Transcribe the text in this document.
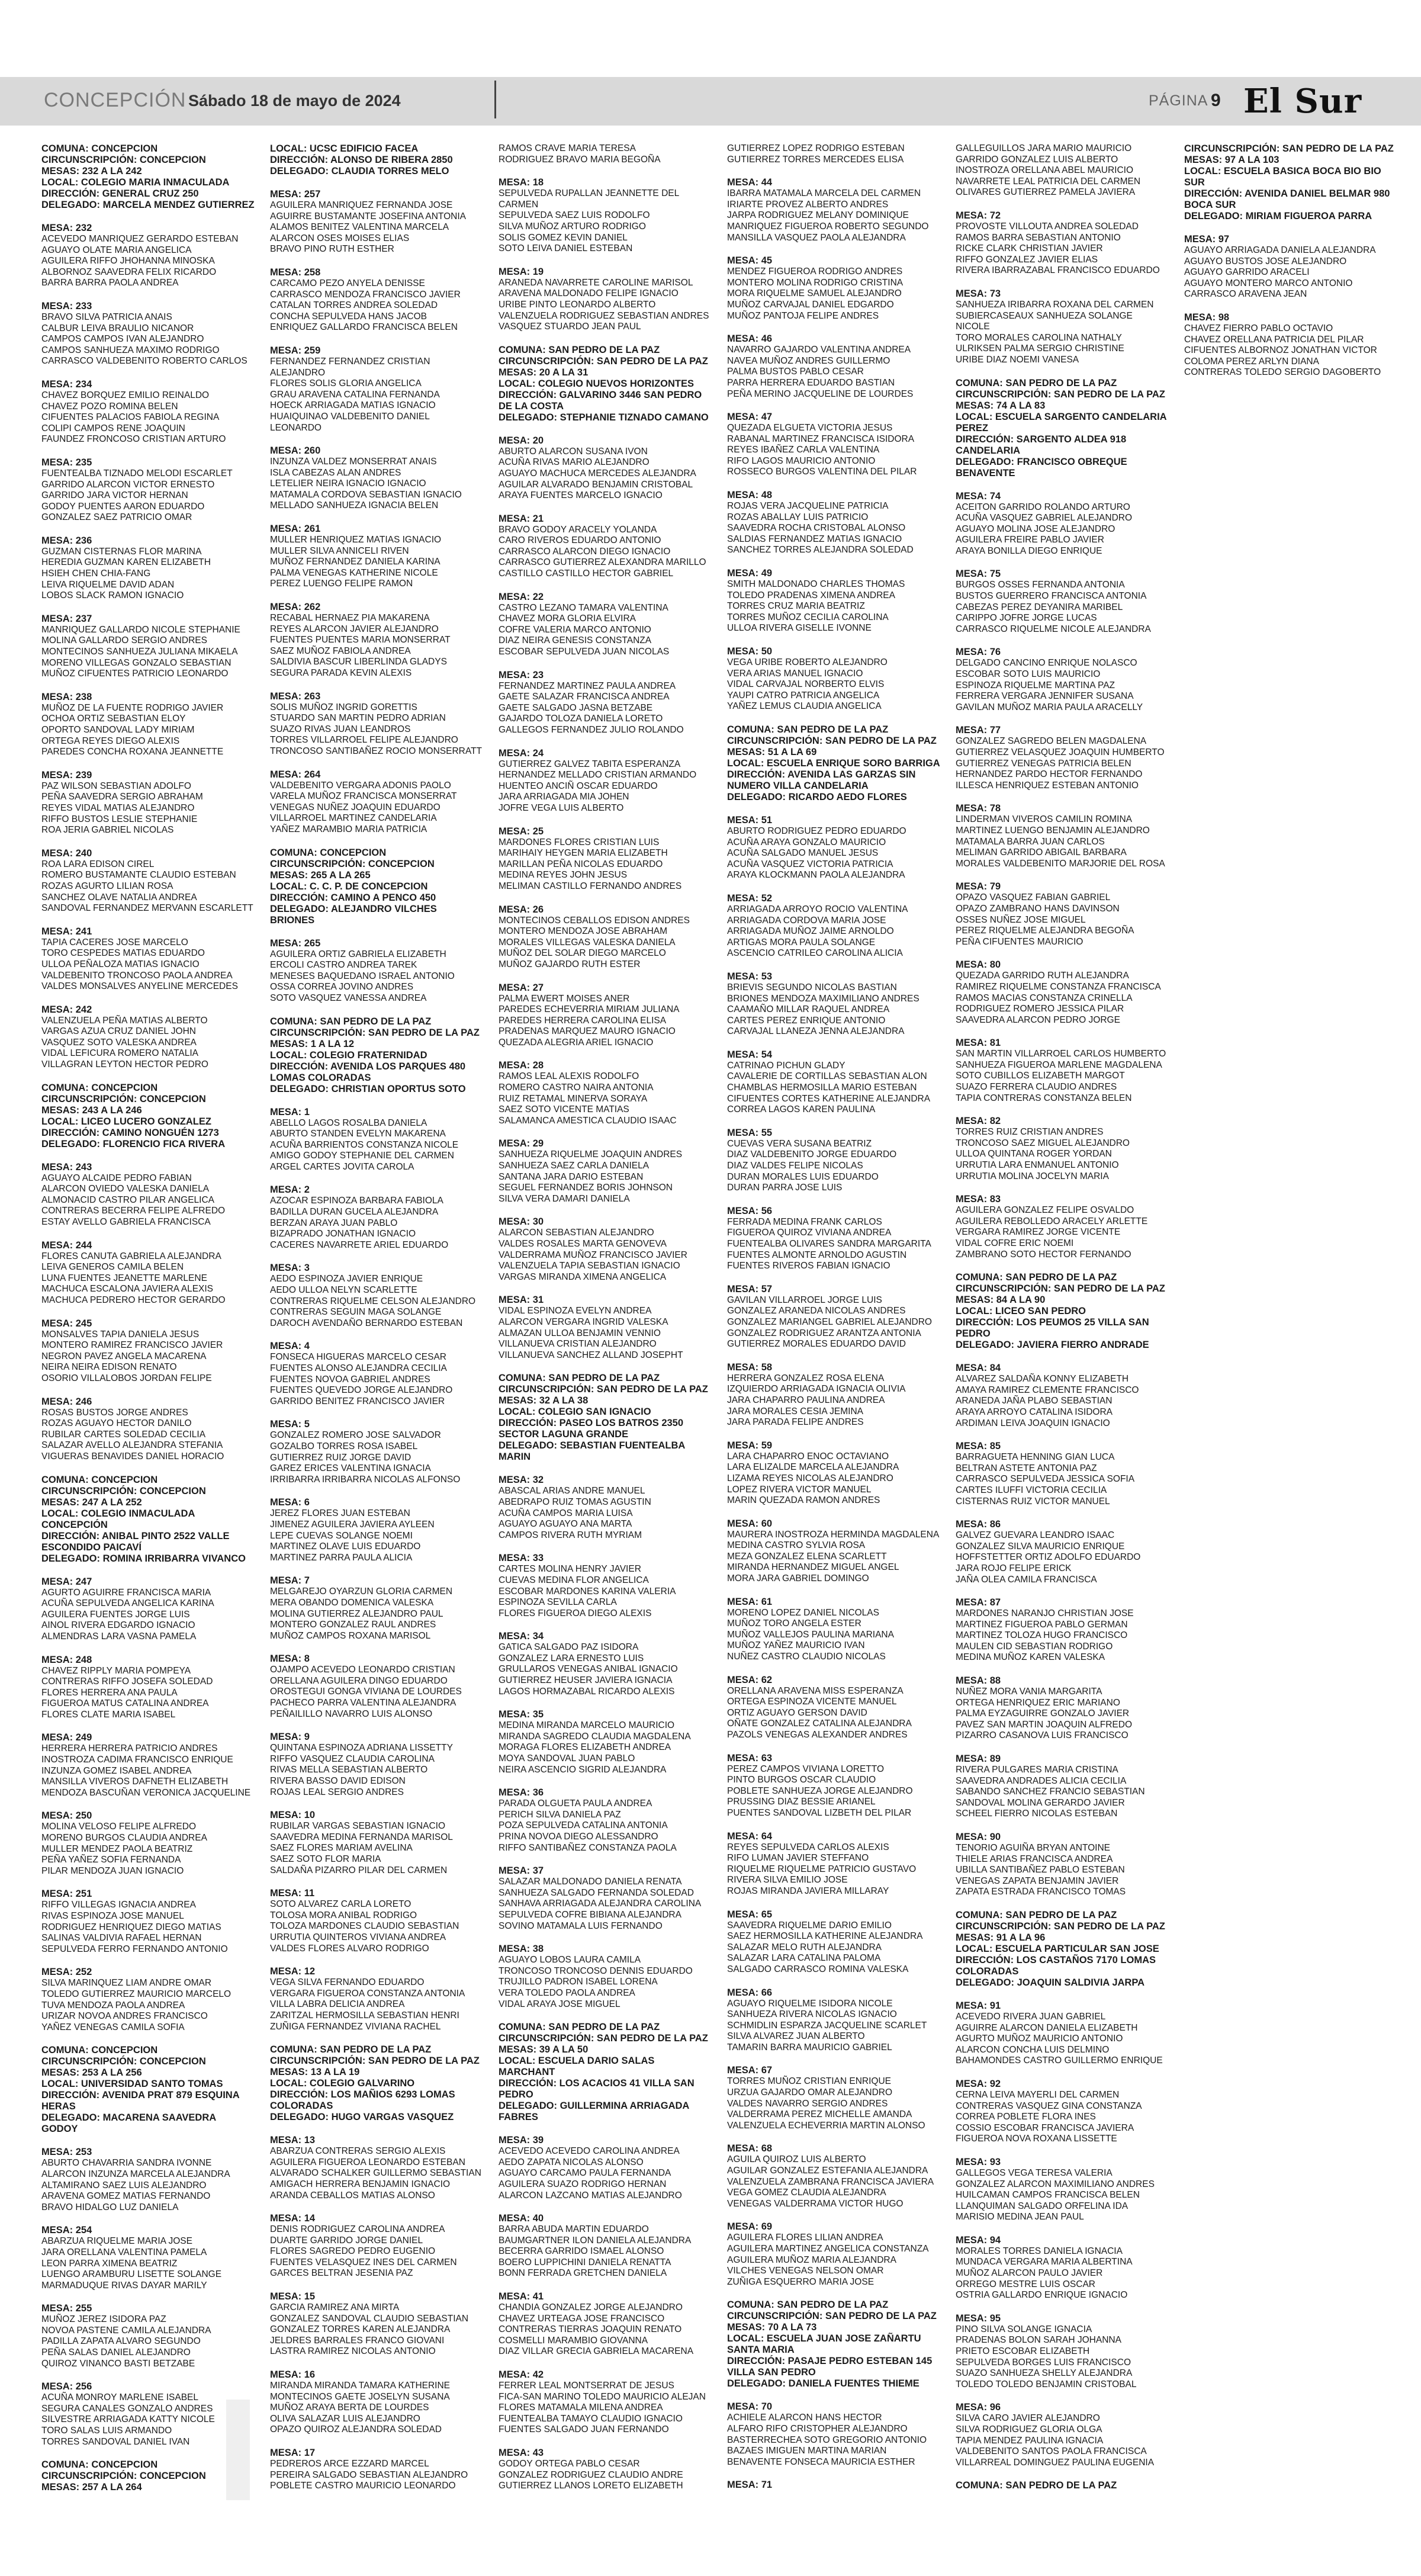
CONCEPCIÓN Sábado 18 de mayo de 2024	PÁGINA 9 El Sur
COMUNA: CONCEPCION
CIRCUNSCRIPCIÓN: CONCEPCION
MESAS: 232 A LA 242
LOCAL: COLEGIO MARIA INMACULADA
DIRECCIÓN: GENERAL CRUZ 250
DELEGADO: MARCELA MENDEZ GUTIERREZ
MESA: 232
ACEVEDO MANRIQUEZ GERARDO ESTEBAN
AGUAYO OLATE MARIA ANGELICA
AGUILERA RIFFO JHOHANNA MINOSKA
ALBORNOZ SAAVEDRA FELIX RICARDO
BARRA BARRA PAOLA ANDREA
MESA: 233
BRAVO SILVA PATRICIA ANAIS
CALBUR LEIVA BRAULIO NICANOR
CAMPOS CAMPOS IVAN ALEJANDRO
CAMPOS SANHUEZA MAXIMO RODRIGO
CARRASCO VALDEBENITO ROBERTO CARLOS
MESA: 234
CHAVEZ BORQUEZ EMILIO REINALDO
CHAVEZ POZO ROMINA BELEN
CIFUENTES PALACIOS FABIOLA REGINA
COLIPI CAMPOS RENE JOAQUIN
FAUNDEZ FRONCOSO CRISTIAN ARTURO
MESA: 235
FUENTEALBA TIZNADO MELODI ESCARLET
GARRIDO ALARCON VICTOR ERNESTO
GARRIDO JARA VICTOR HERNAN
GODOY PUENTES AARON EDUARDO
GONZALEZ SAEZ PATRICIO OMAR
MESA: 236
GUZMAN CISTERNAS FLOR MARINA
HEREDIA GUZMAN KAREN ELIZABETH
HSIEH CHEN CHIA-FANG
LEIVA RIQUELME DAVID ADAN
LOBOS SLACK RAMON IGNACIO
MESA: 237
MANRIQUEZ GALLARDO NICOLE STEPHANIE
MOLINA GALLARDO SERGIO ANDRES
MONTECINOS SANHUEZA JULIANA MIKAELA
MORENO VILLEGAS GONZALO SEBASTIAN
MUÑOZ CIFUENTES PATRICIO LEONARDO
MESA: 238
MUÑOZ DE LA FUENTE RODRIGO JAVIER
OCHOA ORTIZ SEBASTIAN ELOY
OPORTO SANDOVAL LADY MIRIAM
ORTEGA REYES DIEGO ALEXIS
PAREDES CONCHA ROXANA JEANNETTE
MESA: 239
PAZ WILSON SEBASTIAN ADOLFO
PEÑA SAAVEDRA SERGIO ABRAHAM
REYES VIDAL MATIAS ALEJANDRO
RIFFO BUSTOS LESLIE STEPHANIE
ROA JERIA GABRIEL NICOLAS
MESA: 240
ROA LARA EDISON CIREL
ROMERO BUSTAMANTE CLAUDIO ESTEBAN
ROZAS AGURTO LILIAN ROSA
SANCHEZ OLAVE NATALIA ANDREA
SANDOVAL FERNANDEZ MERVANN ESCARLETT
MESA: 241
TAPIA CACERES JOSE MARCELO
TORO CESPEDES MATIAS EDUARDO
ULLOA PEÑALOZA MATIAS IGNACIO
VALDEBENITO TRONCOSO PAOLA ANDREA
VALDES MONSALVES ANYELINE MERCEDES
MESA: 242
VALENZUELA PEÑA MATIAS ALBERTO
VARGAS AZUA CRUZ DANIEL JOHN
VASQUEZ SOTO VALESKA ANDREA
VIDAL LEFICURA ROMERO NATALIA
VILLAGRAN LEYTON HECTOR PEDRO
COMUNA: CONCEPCION
CIRCUNSCRIPCIÓN: CONCEPCION
MESAS: 243 A LA 246
LOCAL: LICEO LUCERO GONZALEZ
DIRECCIÓN: CAMINO NONGUÉN 1273
DELEGADO: FLORENCIO FICA RIVERA
MESA: 243
AGUAYO ALCAIDE PEDRO FABIAN
ALARCON OVIEDO VALESKA DANIELA
ALMONACID CASTRO PILAR ANGELICA
CONTRERAS BECERRA FELIPE ALFREDO
ESTAY AVELLO GABRIELA FRANCISCA
MESA: 244
FLORES CANUTA GABRIELA ALEJANDRA
LEIVA GENEROS CAMILA BELEN
LUNA FUENTES JEANETTE MARLENE
MACHUCA ESCALONA JAVIERA ALEXIS
MACHUCA PEDRERO HECTOR GERARDO
MESA: 245
MONSALVES TAPIA DANIELA JESUS
MONTERO RAMIREZ FRANCISCO JAVIER
NEGRON PAVEZ ANGELA MACARENA
NEIRA NEIRA EDISON RENATO
OSORIO VILLALOBOS JORDAN FELIPE
MESA: 246
ROSAS BUSTOS JORGE ANDRES
ROZAS AGUAYO HECTOR DANILO
RUBILAR CARTES SOLEDAD CECILIA
SALAZAR AVELLO ALEJANDRA STEFANIA
VIGUERAS BENAVIDES DANIEL HORACIO
COMUNA: CONCEPCION
CIRCUNSCRIPCIÓN: CONCEPCION
MESAS: 247 A LA 252
LOCAL: COLEGIO INMACULADA CONCEPCIÓN
DIRECCIÓN: ANIBAL PINTO 2522 VALLE ESCONDIDO PAICAVÍ
DELEGADO: ROMINA IRRIBARRA VIVANCO
MESA: 247
AGURTO AGUIRRE FRANCISCA MARIA
ACUÑA SEPULVEDA ANGELICA KARINA
AGUILERA FUENTES JORGE LUIS
AINOL RIVERA EDGARDO IGNACIO
ALMENDRAS LARA VASNA PAMELA
MESA: 248
CHAVEZ RIPPLY MARIA POMPEYA
CONTRERAS RIFFO JOSEFA SOLEDAD
FLORES HERRERA ANA PAULA
FIGUEROA MATUS CATALINA ANDREA
FLORES CLATE MARIA ISABEL
MESA: 249
HERRERA HERRERA PATRICIO ANDRES
INOSTROZA CADIMA FRANCISCO ENRIQUE
INZUNZA GOMEZ ISABEL ANDREA
MANSILLA VIVEROS DAFNETH ELIZABETH
MENDOZA BASCUÑAN VERONICA JACQUELINE
MESA: 250
MOLINA VELOSO FELIPE ALFREDO
MORENO BURGOS CLAUDIA ANDREA
MULLER MENDEZ PAOLA BEATRIZ
PEÑA YAÑEZ SOFIA FERNANDA
PILAR MENDOZA JUAN IGNACIO
MESA: 251
RIFFO VILLEGAS IGNACIA ANDREA
RIVAS ESPINOZA JOSE MANUEL
RODRIGUEZ HENRIQUEZ DIEGO MATIAS
SALINAS VALDIVIA RAFAEL HERNAN
SEPULVEDA FERRO FERNANDO ANTONIO
MESA: 252
SILVA MARINQUEZ LIAM ANDRE OMAR
TOLEDO GUTIERREZ MAURICIO MARCELO
TUVA MENDOZA PAOLA ANDREA
URIZAR NOVOA ANDRES FRANCISCO
YAÑEZ VENEGAS CAMILA SOFIA
COMUNA: CONCEPCION
CIRCUNSCRIPCIÓN: CONCEPCION
MESAS: 253 A LA 256
LOCAL: UNIVERSIDAD SANTO TOMAS
DIRECCIÓN: AVENIDA PRAT 879 ESQUINA HERAS
DELEGADO: MACARENA SAAVEDRA GODOY
MESA: 253
ABURTO CHAVARRIA SANDRA IVONNE
ALARCON INZUNZA MARCELA ALEJANDRA
ALTAMIRANO SAEZ LUIS ALEJANDRO
ARAVENA GOMEZ MATIAS FERNANDO
BRAVO HIDALGO LUZ DANIELA
MESA: 254
ABARZUA RIQUELME MARIA JOSE
JARA ORELLANA VALENTINA PAMELA
LEON PARRA XIMENA BEATRIZ
LUENGO ARAMBURU LISETTE SOLANGE
MARMADUQUE RIVAS DAYAR MARILY
MESA: 255
MUÑOZ JEREZ ISIDORA PAZ
NOVOA PASTENE CAMILA ALEJANDRA
PADILLA ZAPATA ALVARO SEGUNDO
PEÑA SALAS DANIEL ALEJANDRO
QUIROZ VINANCO BASTI BETZABE
MESA: 256
ACUÑA MONROY MARLENE ISABEL
SEGURA CANALES GONZALO ANDRES
SILVESTRE ARRIAGADA KATTY NICOLE
TORO SALAS LUIS ARMANDO
TORRES SANDOVAL DANIEL IVAN
COMUNA: CONCEPCION
CIRCUNSCRIPCIÓN: CONCEPCION
MESAS: 257 A LA 264
LOCAL: UCSC EDIFICIO FACEA
DIRECCIÓN: ALONSO DE RIBERA 2850
DELEGADO: CLAUDIA TORRES MELO
MESA: 257
AGUILERA MANRIQUEZ FERNANDA JOSE
AGUIRRE BUSTAMANTE JOSEFINA ANTONIA
ALAMOS BENITEZ VALENTINA MARCELA
ALARCON OSES MOISES ELIAS
BRAVO PINO RUTH ESTHER
MESA: 258
CARCAMO PEZO ANYELA DENISSE
CARRASCO MENDOZA FRANCISCO JAVIER
CATALAN TORRES ANDREA SOLEDAD
CONCHA SEPULVEDA HANS JACOB
ENRIQUEZ GALLARDO FRANCISCA BELEN
MESA: 259
FERNANDEZ FERNANDEZ CRISTIAN ALEJANDRO
FLORES SOLIS GLORIA ANGELICA
GRAU ARAVENA CATALINA FERNANDA
HOECK ARRIAGADA MATIAS IGNACIO
HUAIQUINAO VALDEBENITO DANIEL LEONARDO
MESA: 260
INZUNZA VALDEZ MONSERRAT ANAIS
ISLA CABEZAS ALAN ANDRES
LETELIER NEIRA IGNACIO IGNACIO
MATAMALA CORDOVA SEBASTIAN IGNACIO
MELLADO SANHUEZA IGNACIA BELEN
MESA: 261
MULLER HENRIQUEZ MATIAS IGNACIO
MULLER SILVA ANNICELI RIVEN
MUÑOZ FERNANDEZ DANIELA KARINA
PALMA VENEGAS KATHERINE NICOLE
PEREZ LUENGO FELIPE RAMON
MESA: 262
RECABAL HERNAEZ PIA MAKARENA
REYES ALARCON JAVIER ALEJANDRO
FUENTES PUENTES MARIA MONSERRAT
SAEZ MUÑOZ FABIOLA ANDREA
SALDIVIA BASCUR LIBERLINDA GLADYS
SEGURA PARADA KEVIN ALEXIS
MESA: 263
SOLIS MUÑOZ INGRID GORETTIS
STUARDO SAN MARTIN PEDRO ADRIAN
SUAZO RIVAS JUAN LEANDROS
TORRES VILLARROEL FELIPE ALEJANDRO
TRONCOSO SANTIBAÑEZ ROCIO MONSERRATT
MESA: 264
VALDEBENITO VERGARA ADONIS PAOLO
VARELA MUÑOZ FRANCISCA MONSERRAT
VENEGAS NUÑEZ JOAQUIN EDUARDO
VILLARROEL MARTINEZ CANDELARIA
YAÑEZ MARAMBIO MARIA PATRICIA
COMUNA: CONCEPCION
CIRCUNSCRIPCIÓN: CONCEPCION
MESAS: 265 A LA 265
LOCAL: C. C. P. DE CONCEPCION
DIRECCIÓN: CAMINO A PENCO 450
DELEGADO: ALEJANDRO VILCHES BRIONES
MESA: 265
AGUILERA ORTIZ GABRIELA ELIZABETH
ERCOLI CASTRO ANDREA TAREK
MENESES BAQUEDANO ISRAEL ANTONIO
OSSA CORREA JOVINO ANDRES
SOTO VASQUEZ VANESSA ANDREA
COMUNA: SAN PEDRO DE LA PAZ
CIRCUNSCRIPCIÓN: SAN PEDRO DE LA PAZ
MESAS: 1 A LA 12
LOCAL: COLEGIO FRATERNIDAD
DIRECCIÓN: AVENIDA LOS PARQUES 480 LOMAS COLORADAS
DELEGADO: CHRISTIAN OPORTUS SOTO
MESA: 1
ABELLO LAGOS ROSALBA DANIELA
ABURTO STANDEN EVELYN MAKARENA
ACUÑA BARRIENTOS CONSTANZA NICOLE
AMIGO GODOY STEPHANIE DEL CARMEN
ARGEL CARTES JOVITA CAROLA
MESA: 2
AZOCAR ESPINOZA BARBARA FABIOLA
BADILLA DURAN GUCELA ALEJANDRA
BERZAN ARAYA JUAN PABLO
BIZAPRADO JONATHAN IGNACIO
CACERES NAVARRETE ARIEL EDUARDO
MESA: 3
AEDO ESPINOZA JAVIER ENRIQUE
AEDO ULLOA NELYN SCARLETTE
CONTRERAS RIQUELME CELSON ALEJANDRO
CONTRERAS SEGUIN MAGA SOLANGE
DAROCH AVENDAÑO BERNARDO ESTEBAN
MESA: 4
FONSECA HIGUERAS MARCELO CESAR
FUENTES ALONSO ALEJANDRA CECILIA
FUENTES NOVOA GABRIEL ANDRES
FUENTES QUEVEDO JORGE ALEJANDRO
GARRIDO BENITEZ FRANCISCO JAVIER
MESA: 5
GONZALEZ ROMERO JOSE SALVADOR
GOZALBO TORRES ROSA ISABEL
GUTIERREZ RUIZ JORGE DAVID
GAREZ ERICES VALENTINA IGNACIA
IRRIBARRA IRRIBARRA NICOLAS ALFONSO
MESA: 6
JEREZ FLORES JUAN ESTEBAN
JIMENEZ AGUILERA JAVIERA AYLEEN
LEPE CUEVAS SOLANGE NOEMI
MARTINEZ OLAVE LUIS EDUARDO
MARTINEZ PARRA PAULA ALICIA
MESA: 7
MELGAREJO OYARZUN GLORIA CARMEN
MERA OBANDO DOMENICA VALESKA
MOLINA GUTIERREZ ALEJANDRO PAUL
MONTERO GONZALEZ RAUL ANDRES
MUÑOZ CAMPOS ROXANA MARISOL
MESA: 8
OJAMPO ACEVEDO LEONARDO CRISTIAN
ORELLANA AGUILERA DINGO EDUARDO
OROSTEGUI GONGA VIVIANA DE LOURDES
PACHECO PARRA VALENTINA ALEJANDRA
PEÑAILILLO NAVARRO LUIS ALONSO
MESA: 9
QUINTANA ESPINOZA ADRIANA LISSETTY
RIFFO VASQUEZ CLAUDIA CAROLINA
RIVAS MELLA SEBASTIAN ALBERTO
RIVERA BASSO DAVID EDISON
ROJAS LEAL SERGIO ANDRES
MESA: 10
RUBILAR VARGAS SEBASTIAN IGNACIO
SAAVEDRA MEDINA FERNANDA MARISOL
SAEZ FLORES MARIAM AVELINA
SAEZ SOTO FLOR MARIA
SALDAÑA PIZARRO PILAR DEL CARMEN
MESA: 11
SOTO ALVAREZ CARLA LORETO
TOLOSA MORA ANIBAL RODRIGO
TOLOZA MARDONES CLAUDIO SEBASTIAN
URRUTIA QUINTEROS VIVIANA ANDREA
VALDES FLORES ALVARO RODRIGO
MESA: 12
VEGA SILVA FERNANDO EDUARDO
VERGARA FIGUEROA CONSTANZA ANTONIA
VILLA LABRA DELICIA ANDREA
ZARITZAL HERMOSILLA SEBASTIAN HENRI
ZUÑIGA FERNANDEZ VIVIANA RACHEL
COMUNA: SAN PEDRO DE LA PAZ
CIRCUNSCRIPCIÓN: SAN PEDRO DE LA PAZ
MESAS: 13 A LA 19
LOCAL: COLEGIO GALVARINO
DIRECCIÓN: LOS MAÑIOS 6293 LOMAS COLORADAS
DELEGADO: HUGO VARGAS VASQUEZ
MESA: 13
ABARZUA CONTRERAS SERGIO ALEXIS
AGUILERA FIGUEROA LEONARDO ESTEBAN
ALVARADO SCHALKER GUILLERMO SEBASTIAN
AMIGACH HERRERA BENJAMIN IGNACIO
ARANDA CEBALLOS MATIAS ALONSO
MESA: 14
DENIS RODRIGUEZ CAROLINA ANDREA
DUARTE GARRIDO JORGE DANIEL
FLORES SAGREDO PEDRO EUGENIO
FUENTES VELASQUEZ INES DEL CARMEN
GARCES BELTRAN JESENIA PAZ
MESA: 15
GARCIA RAMIREZ ANA MIRTA
GONZALEZ SANDOVAL CLAUDIO SEBASTIAN
GONZALEZ TORRES KAREN ALEJANDRA
JELDRES BARRALES FRANCO GIOVANI
LASTRA RAMIREZ NICOLAS ANTONIO
MESA: 16
MIRANDA MIRANDA TAMARA KATHERINE
MONTECINOS GAETE JOSELYN SUSANA
MUÑOZ ARAYA BERTA DE LOURDES
OLIVA SALAZAR LUIS ALEJANDRO
OPAZO QUIROZ ALEJANDRA SOLEDAD
MESA: 17
PEDREROS ARCE EZZARD MARCEL
PEREIRA SALGADO SEBASTIAN ALEJANDRO
POBLETE CASTRO MAURICIO LEONARDO
RAMOS CRAVE MARIA TERESA
RODRIGUEZ BRAVO MARIA BEGOÑA
MESA: 18
SEPULVEDA RUPALLAN JEANNETTE DEL CARMEN
SEPULVEDA SAEZ LUIS RODOLFO
SILVA MUÑOZ ARTURO RODRIGO
SOLIS GOMEZ KEVIN DANIEL
SOTO LEIVA DANIEL ESTEBAN
MESA: 19
ARANEDA NAVARRETE CAROLINE MARISOL
ARAVENA MALDONADO FELIPE IGNACIO
URIBE PINTO LEONARDO ALBERTO
VALENZUELA RODRIGUEZ SEBASTIAN ANDRES
VASQUEZ STUARDO JEAN PAUL
COMUNA: SAN PEDRO DE LA PAZ
CIRCUNSCRIPCIÓN: SAN PEDRO DE LA PAZ
MESAS: 20 A LA 31
LOCAL: COLEGIO NUEVOS HORIZONTES
DIRECCIÓN: GALVARINO 3446 SAN PEDRO DE LA COSTA
DELEGADO: STEPHANIE TIZNADO CAMANO
MESA: 20
ABURTO ALARCON SUSANA IVON
ACUÑA RIVAS MARIO ALEJANDRO
AGUAYO MACHUCA MERCEDES ALEJANDRA
AGUILAR ALVARADO BENJAMIN CRISTOBAL
ARAYA FUENTES MARCELO IGNACIO
MESA: 21
BRAVO GODOY ARACELY YOLANDA
CARO RIVEROS EDUARDO ANTONIO
CARRASCO ALARCON DIEGO IGNACIO
CARRASCO GUTIERREZ ALEXANDRA MARILLO
CASTILLO CASTILLO HECTOR GABRIEL
MESA: 22
CASTRO LEZANO TAMARA VALENTINA
CHAVEZ MORA GLORIA ELVIRA
COFRE VALERIA MARCO ANTONIO
DIAZ NEIRA GENESIS CONSTANZA
ESCOBAR SEPULVEDA JUAN NICOLAS
MESA: 23
FERNANDEZ MARTINEZ PAULA ANDREA
GAETE SALAZAR FRANCISCA ANDREA
GAETE SALGADO JASNA BETZABE
GAJARDO TOLOZA DANIELA LORETO
GALLEGOS FERNANDEZ JULIO ROLANDO
MESA: 24
GUTIERREZ GALVEZ TABITA ESPERANZA
HERNANDEZ MELLADO CRISTIAN ARMANDO
HUENTEO ANCIÑ OSCAR EDUARDO
JARA ARRIAGADA MIA JOHEN
JOFRE VEGA LUIS ALBERTO
MESA: 25
MARDONES FLORES CRISTIAN LUIS
MARIHAIY HEYGEN MARIA ELIZABETH
MARILLAN PEÑA NICOLAS EDUARDO
MEDINA REYES JOHN JESUS
MELIMAN CASTILLO FERNANDO ANDRES
MESA: 26
MONTECINOS CEBALLOS EDISON ANDRES
MONTERO MENDOZA JOSE ABRAHAM
MORALES VILLEGAS VALESKA DANIELA
MUÑOZ DEL SOLAR DIEGO MARCELO
MUÑOZ GAJARDO RUTH ESTER
MESA: 27
PALMA EWERT MOISES ANER
PAREDES ECHEVERRIA MIRIAM JULIANA
PAREDES HERRERA CAROLINA ELISA
PRADENAS MARQUEZ MAURO IGNACIO
QUEZADA ALEGRIA ARIEL IGNACIO
MESA: 28
RAMOS LEAL ALEXIS RODOLFO
ROMERO CASTRO NAIRA ANTONIA
RUIZ RETAMAL MINERVA SORAYA
SAEZ SOTO VICENTE MATIAS
SALAMANCA AMESTICA CLAUDIO ISAAC
MESA: 29
SANHUEZA RIQUELME JOAQUIN ANDRES
SANHUEZA SAEZ CARLA DANIELA
SANTANA JARA DARIO ESTEBAN
SEGUEL FERNANDEZ BORIS JOHNSON
SILVA VERA DAMARI DANIELA
MESA: 30
ALARCON SEBASTIAN ALEJANDRO
VALDES ROSALES MARTA GENOVEVA
VALDERRAMA MUÑOZ FRANCISCO JAVIER
VALENZUELA TAPIA SEBASTIAN IGNACIO
VARGAS MIRANDA XIMENA ANGELICA
MESA: 31
VIDAL ESPINOZA EVELYN ANDREA
ALARCON VERGARA INGRID VALESKA
ALMAZAN ULLOA BENJAMIN VENNIO
VILLANUEVA CRISTIAN ALEJANDRO
VILLANUEVA SANCHEZ ALLAND JOSEPHT
COMUNA: SAN PEDRO DE LA PAZ
CIRCUNSCRIPCIÓN: SAN PEDRO DE LA PAZ
MESAS: 32 A LA 38
LOCAL: COLEGIO SAN IGNACIO
DIRECCIÓN: PASEO LOS BATROS 2350 SECTOR LAGUNA GRANDE
DELEGADO: SEBASTIAN FUENTEALBA MARIN
MESA: 32
ABASCAL ARIAS ANDRE MANUEL
ABEDRAPO RUIZ TOMAS AGUSTIN
ACUÑA CAMPOS MARIA LUISA
AGUAYO AGUAYO ANA MARTA
CAMPOS RIVERA RUTH MYRIAM
MESA: 33
CARTES MOLINA HENRY JAVIER
CUEVAS MEDINA FLOR ANGELICA
ESCOBAR MARDONES KARINA VALERIA
ESPINOZA SEVILLA CARLA
FLORES FIGUEROA DIEGO ALEXIS
MESA: 34
GATICA SALGADO PAZ ISIDORA
GONZALEZ LARA ERNESTO LUIS
GRULLAROS VENEGAS ANIBAL IGNACIO
GUTIERREZ HEUSER JAVIERA IGNACIA
LAGOS HORMAZABAL RICARDO ALEXIS
MESA: 35
MEDINA MIRANDA MARCELO MAURICIO
MIRANDA SAGREDO CLAUDIA MAGDALENA
MORAGA FLORES ELIZABETH ANDREA
MOYA SANDOVAL JUAN PABLO
NEIRA ASCENCIO SIGRID ALEJANDRA
MESA: 36
PARADA OLGUETA PAULA ANDREA
PERICH SILVA DANIELA PAZ
POZA SEPULVEDA CATALINA ANTONIA
PRINA NOVOA DIEGO ALESSANDRO
RIFFO SANTIBAÑEZ CONSTANZA PAOLA
MESA: 37
SALAZAR MALDONADO DANIELA RENATA
SANHUEZA SALGADO FERNANDA SOLEDAD
SANHAVA ARRIAGADA ALEJANDRA CAROLINA
SEPULVEDA COFRE BIBIANA ALEJANDRA
SOVINO MATAMALA LUIS FERNANDO
MESA: 38
AGUAYO LOBOS LAURA CAMILA
TRONCOSO TRONCOSO DENNIS EDUARDO
TRUJILLO PADRON ISABEL LORENA
VERA TOLEDO PAOLA ANDREA
VIDAL ARAYA JOSE MIGUEL
COMUNA: SAN PEDRO DE LA PAZ
CIRCUNSCRIPCIÓN: SAN PEDRO DE LA PAZ
MESAS: 39 A LA 50
LOCAL: ESCUELA DARIO SALAS MARCHANT
DIRECCIÓN: LOS ACACIOS 41 VILLA SAN PEDRO
DELEGADO: GUILLERMINA ARRIAGADA FABRES
MESA: 39
ACEVEDO ACEVEDO CAROLINA ANDREA
AEDO ZAPATA NICOLAS ALONSO
AGUAYO CARCAMO PAULA FERNANDA
AGUILERA SUAZO RODRIGO HERNAN
ALARCON LAZCANO MATIAS ALEJANDRO
MESA: 40
BARRA ABUDA MARTIN EDUARDO
BAUMGARTNER ILON DANIELA ALEJANDRA
BECERRA GARRIDO ISMAEL ALONSO
BOERO LUPPICHINI DANIELA RENATTA
BONN FERRADA GRETCHEN DANIELA
MESA: 41
CHANDIA GONZALEZ JORGE ALEJANDRO
CHAVEZ URTEAGA JOSE FRANCISCO
CONTRERAS TIERRAS JOAQUIN RENATO
COSMELLI MARAMBIO GIOVANNA
DIAZ VILLAR GRECIA GABRIELA MACARENA
MESA: 42
FERRER LEAL MONTSERRAT DE JESUS
FICA-SAN MARINO TOLEDO MAURICIO ALEJAN
FLORES MATAMALA MILENA ANDREA
FUENTEALBA TAMAYO CLAUDIO IGNACIO
FUENTES SALGADO JUAN FERNANDO
MESA: 43
GODOY ORTEGA PABLO CESAR
GONZALEZ RODRIGUEZ CLAUDIO ANDRE
GUTIERREZ LLANOS LORETO ELIZABETH
GUTIERREZ LOPEZ RODRIGO ESTEBAN
GUTIERREZ TORRES MERCEDES ELISA
MESA: 44
IBARRA MATAMALA MARCELA DEL CARMEN
IRIARTE PROVEZ ALBERTO ANDRES
JARPA RODRIGUEZ MELANY DOMINIQUE
MANRIQUEZ FIGUEROA ROBERTO SEGUNDO
MANSILLA VASQUEZ PAOLA ALEJANDRA
MESA: 45
MENDEZ FIGUEROA RODRIGO ANDRES
MONTERO MOLINA RODRIGO CRISTINA
MORA RIQUELME SAMUEL ALEJANDRO
MUÑOZ CARVAJAL DANIEL EDGARDO
MUÑOZ PANTOJA FELIPE ANDRES
MESA: 46
NAVARRO GAJARDO VALENTINA ANDREA
NAVEA MUÑOZ ANDRES GUILLERMO
PALMA BUSTOS PABLO CESAR
PARRA HERRERA EDUARDO BASTIAN
PEÑA MERINO JACQUELINE DE LOURDES
MESA: 47
QUEZADA ELGUETA VICTORIA JESUS
RABANAL MARTINEZ FRANCISCA ISIDORA
REYES IBAÑEZ CARLA VALENTINA
RIFO LAGOS MAURICIO ANTONIO
ROSSECO BURGOS VALENTINA DEL PILAR
MESA: 48
ROJAS VERA JACQUELINE PATRICIA
ROZAS ABALLAY LUIS PATRICIO
SAAVEDRA ROCHA CRISTOBAL ALONSO
SALDIAS FERNANDEZ MATIAS IGNACIO
SANCHEZ TORRES ALEJANDRA SOLEDAD
MESA: 49
SMITH MALDONADO CHARLES THOMAS
TOLEDO PRADENAS XIMENA ANDREA
TORRES CRUZ MARIA BEATRIZ
TORRES MUÑOZ CECILIA CAROLINA
ULLOA RIVERA GISELLE IVONNE
MESA: 50
VEGA URIBE ROBERTO ALEJANDRO
VERA ARIAS MANUEL IGNACIO
VIDAL CARVAJAL NORBERTO ELVIS
YAUPI CATRO PATRICIA ANGELICA
YAÑEZ LEMUS CLAUDIA ANGELICA
COMUNA: SAN PEDRO DE LA PAZ
CIRCUNSCRIPCIÓN: SAN PEDRO DE LA PAZ
MESAS: 51 A LA 69
LOCAL: ESCUELA ENRIQUE SORO BARRIGA
DIRECCIÓN: AVENIDA LAS GARZAS SIN NUMERO VILLA CANDELARIA
DELEGADO: RICARDO AEDO FLORES
MESA: 51
ABURTO RODRIGUEZ PEDRO EDUARDO
ACUÑA ARAYA GONZALO MAURICIO
ACUÑA SALGADO MANUEL JESUS
ACUÑA VASQUEZ VICTORIA PATRICIA
ARAYA KLOCKMANN PAOLA ALEJANDRA
MESA: 52
ARRIAGADA ARROYO ROCIO VALENTINA
ARRIAGADA CORDOVA MARIA JOSE
ARRIAGADA MUÑOZ JAIME ARNOLDO
ARTIGAS MORA PAULA SOLANGE
ASCENCIO CATRILEO CAROLINA ALICIA
MESA: 53
BRIEVIS SEGUNDO NICOLAS BASTIAN
BRIONES MENDOZA MAXIMILIANO ANDRES
CAAMAÑO MILLAR RAQUEL ANDREA
CARTES PEREZ ENRIQUE ANTONIO
CARVAJAL LLANEZA JENNA ALEJANDRA
MESA: 54
CATRINAO PICHUN GLADY
CAVALERIE DE CORTILLAS SEBASTIAN ALON
CHAMBLAS HERMOSILLA MARIO ESTEBAN
CIFUENTES CORTES KATHERINE ALEJANDRA
CORREA LAGOS KAREN PAULINA
MESA: 55
CUEVAS VERA SUSANA BEATRIZ
DIAZ VALDEBENITO JORGE EDUARDO
DIAZ VALDES FELIPE NICOLAS
DURAN MORALES LUIS EDUARDO
DURAN PARRA JOSE LUIS
MESA: 56
FERRADA MEDINA FRANK CARLOS
FIGUEROA QUIROZ VIVIANA ANDREA
FUENTEALBA OLIVARES SANDRA MARGARITA
FUENTES ALMONTE ARNOLDO AGUSTIN
FUENTES RIVEROS FABIAN IGNACIO
MESA: 57
GAVILAN VILLARROEL JORGE LUIS
GONZALEZ ARANEDA NICOLAS ANDRES
GONZALEZ MARIANGEL GABRIEL ALEJANDRO
GONZALEZ RODRIGUEZ ARANTZA ANTONIA
GUTIERREZ MORALES EDUARDO DAVID
MESA: 58
HERRERA GONZALEZ ROSA ELENA
IZQUIERDO ARRIAGADA IGNACIA OLIVIA
JARA CHAPARRO PAULINA ANDREA
JARA MORALES CESIA JEMINA
JARA PARADA FELIPE ANDRES
MESA: 59
LARA CHAPARRO ENOC OCTAVIANO
LARA ELIZALDE MARCELA ALEJANDRA
LIZAMA REYES NICOLAS ALEJANDRO
LOPEZ RIVERA VICTOR MANUEL
MARIN QUEZADA RAMON ANDRES
MESA: 60
MAURERA INOSTROZA HERMINDA MAGDALENA
MEDINA CASTRO SYLVIA ROSA
MEZA GONZALEZ ELENA SCARLETT
MIRANDA HERNANDEZ MIGUEL ANGEL
MORA JARA GABRIEL DOMINGO
MESA: 61
MORENO LOPEZ DANIEL NICOLAS
MUÑOZ TORO ANGELA ESTER
MUÑOZ VALLEJOS PAULINA MARIANA
MUÑOZ YAÑEZ MAURICIO IVAN
NUÑEZ CASTRO CLAUDIO NICOLAS
MESA: 62
ORELLANA ARAVENA MISS ESPERANZA
ORTEGA ESPINOZA VICENTE MANUEL
ORTIZ AGUAYO GERSON DAVID
OÑATE GONZALEZ CATALINA ALEJANDRA
PAZOLS VENEGAS ALEXANDER ANDRES
MESA: 63
PEREZ CAMPOS VIVIANA LORETTO
PINTO BURGOS OSCAR CLAUDIO
POBLETE SANHUEZA JORGE ALEJANDRO
PRUSSING DIAZ BESSIE ARIANEL
PUENTES SANDOVAL LIZBETH DEL PILAR
MESA: 64
REYES SEPULVEDA CARLOS ALEXIS
RIFO LUMAN JAVIER STEFFANO
RIQUELME RIQUELME PATRICIO GUSTAVO
RIVERA SILVA EMILIO JOSE
ROJAS MIRANDA JAVIERA MILLARAY
MESA: 65
SAAVEDRA RIQUELME DARIO EMILIO
SAEZ HERMOSILLA KATHERINE ALEJANDRA
SALAZAR MELO RUTH ALEJANDRA
SALAZAR LARA CATALINA PALOMA
SALGADO CARRASCO ROMINA VALESKA
MESA: 66
AGUAYO RIQUELME ISIDORA NICOLE
SANHUEZA RIVERA NICOLAS IGNACIO
SCHMIDLIN ESPARZA JACQUELINE SCARLET
SILVA ALVAREZ JUAN ALBERTO
TAMARIN BARRA MAURICIO GABRIEL
MESA: 67
TORRES MUÑOZ CRISTIAN ENRIQUE
URZUA GAJARDO OMAR ALEJANDRO
VALDES NAVARRO SERGIO ANDRES
VALDERRAMA PEREZ MICHELLE AMANDA
VALENZUELA ECHEVERRIA MARTIN ALONSO
MESA: 68
AGUILA QUIROZ LUIS ALBERTO
AGUILAR GONZALEZ ESTEFANIA ALEJANDRA
VALENZUELA ZAMBRANA FRANCISCA JAVIERA
VEGA GOMEZ CLAUDIA ALEJANDRA
VENEGAS VALDERRAMA VICTOR HUGO
MESA: 69
AGUILERA FLORES LILIAN ANDREA
AGUILERA MARTINEZ ANGELICA CONSTANZA
AGUILERA MUÑOZ MARIA ALEJANDRA
VILCHES VENEGAS NELSON OMAR
ZUÑIGA ESQUERRO MARIA JOSE
COMUNA: SAN PEDRO DE LA PAZ
CIRCUNSCRIPCIÓN: SAN PEDRO DE LA PAZ
MESAS: 70 A LA 73
LOCAL: ESCUELA JUAN JOSE ZAÑARTU SANTA MARIA
DIRECCIÓN: PASAJE PEDRO ESTEBAN 145 VILLA SAN PEDRO
DELEGADO: DANIELA FUENTES THIEME
MESA: 70
ACHIELE ALARCON HANS HECTOR
ALFARO RIFO CRISTOPHER ALEJANDRO
BASTERRECHEA SOTO GREGORIO ANTONIO
BAZAES IMIGUEN MARTINA MARIAN
BENAVENTE FONSECA MAURICIA ESTHER
MESA: 71
GALLEGUILLOS JARA MARIO MAURICIO
GARRIDO GONZALEZ LUIS ALBERTO
INOSTROZA ORELLANA ABEL MAURICIO
NAVARRETE LEAL PATRICIA DEL CARMEN
OLIVARES GUTIERREZ PAMELA JAVIERA
MESA: 72
PROVOSTE VILLOUTA ANDREA SOLEDAD
RAMOS BARRA SEBASTIAN ANTONIO
RICKE CLARK CHRISTIAN JAVIER
RIFFO GONZALEZ JAVIER ELIAS
RIVERA IBARRAZABAL FRANCISCO EDUARDO
MESA: 73
SANHUEZA IRIBARRA ROXANA DEL CARMEN
SUBIERCASEAUX SANHUEZA SOLANGE NICOLE
TORO MORALES CAROLINA NATHALY
ULRIKSEN PALMA SERGIO CHRISTINE
URIBE DIAZ NOEMI VANESA
COMUNA: SAN PEDRO DE LA PAZ
CIRCUNSCRIPCIÓN: SAN PEDRO DE LA PAZ
MESAS: 74 A LA 83
LOCAL: ESCUELA SARGENTO CANDELARIA PEREZ
DIRECCIÓN: SARGENTO ALDEA 918 CANDELARIA
DELEGADO: FRANCISCO OBREQUE BENAVENTE
MESA: 74
ACEITON GARRIDO ROLANDO ARTURO
ACUÑA VASQUEZ GABRIEL ALEJANDRO
AGUAYO MOLINA JOSE ALEJANDRO
AGUILERA FREIRE PABLO JAVIER
ARAYA BONILLA DIEGO ENRIQUE
MESA: 75
BURGOS OSSES FERNANDA ANTONIA
BUSTOS GUERRERO FRANCISCA ANTONIA
CABEZAS PEREZ DEYANIRA MARIBEL
CARIPPO JOFRE JORGE LUCAS
CARRASCO RIQUELME NICOLE ALEJANDRA
MESA: 76
DELGADO CANCINO ENRIQUE NOLASCO
ESCOBAR SOTO LUIS MAURICIO
ESPINOZA RIQUELME MARTINA PAZ
FERRERA VERGARA JENNIFER SUSANA
GAVILAN MUÑOZ MARIA PAULA ARACELLY
MESA: 77
GONZALEZ SAGREDO BELEN MAGDALENA
GUTIERREZ VELASQUEZ JOAQUIN HUMBERTO
GUTIERREZ VENEGAS PATRICIA BELEN
HERNANDEZ PARDO HECTOR FERNANDO
ILLESCA HENRIQUEZ ESTEBAN ANTONIO
MESA: 78
LINDERMAN VIVEROS CAMILIN ROMINA
MARTINEZ LUENGO BENJAMIN ALEJANDRO
MATAMALA BARRA JUAN CARLOS
MELIMAN GARRIDO ABIGAIL BARBARA
MORALES VALDEBENITO MARJORIE DEL ROSA
MESA: 79
OPAZO VASQUEZ FABIAN GABRIEL
OPAZO ZAMBRANO HANS DAVINSON
OSSES NUÑEZ JOSE MIGUEL
PEREZ RIQUELME ALEJANDRA BEGOÑA
PEÑA CIFUENTES MAURICIO
MESA: 80
QUEZADA GARRIDO RUTH ALEJANDRA
RAMIREZ RIQUELME CONSTANZA FRANCISCA
RAMOS MACIAS CONSTANZA CRINELLA
RODRIGUEZ ROMERO JESSICA PILAR
SAAVEDRA ALARCON PEDRO JORGE
MESA: 81
SAN MARTIN VILLARROEL CARLOS HUMBERTO
SANHUEZA FIGUEROA MARLENE MAGDALENA
SOTO CUBILLOS ELIZABETH MARGOT
SUAZO FERRERA CLAUDIO ANDRES
TAPIA CONTRERAS CONSTANZA BELEN
MESA: 82
TORRES RUIZ CRISTIAN ANDRES
TRONCOSO SAEZ MIGUEL ALEJANDRO
ULLOA QUINTANA ROGER YORDAN
URRUTIA LARA ENMANUEL ANTONIO
URRUTIA MOLINA JOCELYN MARIA
MESA: 83
AGUILERA GONZALEZ FELIPE OSVALDO
AGUILERA REBOLLEDO ARACELY ARLETTE
VERGARA RAMIREZ JORGE VICENTE
VIDAL COFRE ERIC NOEMI
ZAMBRANO SOTO HECTOR FERNANDO
COMUNA: SAN PEDRO DE LA PAZ
CIRCUNSCRIPCIÓN: SAN PEDRO DE LA PAZ
MESAS: 84 A LA 90
LOCAL: LICEO SAN PEDRO
DIRECCIÓN: LOS PEUMOS 25 VILLA SAN PEDRO
DELEGADO: JAVIERA FIERRO ANDRADE
MESA: 84
ALVAREZ SALDAÑA KONNY ELIZABETH
AMAYA RAMIREZ CLEMENTE FRANCISCO
ARANEDA JAÑA PLABO SEBASTIAN
ARAYA ARROYO CATALINA ISIDORA
ARDIMAN LEIVA JOAQUIN IGNACIO
MESA: 85
BARRAGUETA HENNING GIAN LUCA
BELTRAN ASTETE ANTONIA PAZ
CARRASCO SEPULVEDA JESSICA SOFIA
CARTES ILUFFI VICTORIA CECILIA
CISTERNAS RUIZ VICTOR MANUEL
MESA: 86
GALVEZ GUEVARA LEANDRO ISAAC
GONZALEZ SILVA MAURICIO ENRIQUE
HOFFSTETTER ORTIZ ADOLFO EDUARDO
JARA ROJO FELIPE ERICK
JAÑA OLEA CAMILA FRANCISCA
MESA: 87
MARDONES NARANJO CHRISTIAN JOSE
MARTINEZ FIGUEROA PABLO GERMAN
MARTINEZ TOLOZA HUGO FRANCISCO
MAULEN CID SEBASTIAN RODRIGO
MEDINA MUÑOZ KAREN VALESKA
MESA: 88
NUÑEZ MORA VANIA MARGARITA
ORTEGA HENRIQUEZ ERIC MARIANO
PALMA EYZAGUIRRE GONZALO JAVIER
PAVEZ SAN MARTIN JOAQUIN ALFREDO
PIZARRO CASANOVA LUIS FRANCISCO
MESA: 89
RIVERA PULGARES MARIA CRISTINA
SAAVEDRA ANDRADES ALICIA CECILIA
SABANDO SANCHEZ FRANCIO SEBASTIAN
SANDOVAL MOLINA GERARDO JAVIER
SCHEEL FIERRO NICOLAS ESTEBAN
MESA: 90
TENORIO AGUIÑA BRYAN ANTOINE
THIELE ARIAS FRANCISCA ANDREA
UBILLA SANTIBAÑEZ PABLO ESTEBAN
VENEGAS ZAPATA BENJAMIN JAVIER
ZAPATA ESTRADA FRANCISCO TOMAS
COMUNA: SAN PEDRO DE LA PAZ
CIRCUNSCRIPCIÓN: SAN PEDRO DE LA PAZ
MESAS: 91 A LA 96
LOCAL: ESCUELA PARTICULAR SAN JOSE
DIRECCIÓN: LOS CASTAÑOS 7170 LOMAS COLORADAS
DELEGADO: JOAQUIN SALDIVIA JARPA
MESA: 91
ACEVEDO RIVERA JUAN GABRIEL
AGUIRRE ALARCON DANIELA ELIZABETH
AGURTO MUÑOZ MAURICIO ANTONIO
ALARCON CONCHA LUIS DELMINO
BAHAMONDES CASTRO GUILLERMO ENRIQUE
MESA: 92
CERNA LEIVA MAYERLI DEL CARMEN
CONTRERAS VASQUEZ GINA CONSTANZA
CORREA POBLETE FLORA INES
COSSIO ESCOBAR FRANCISCA JAVIERA
FIGUEROA NOVA ROXANA LISSETTE
MESA: 93
GALLEGOS VEGA TERESA VALERIA
GONZALEZ ALARCON MAXIMILIANO ANDRES
HUILCAMAN CAMPOS FRANCISCA BELEN
LLANQUIMAN SALGADO ORFELINA IDA
MARISIO MEDINA JEAN PAUL
MESA: 94
MORALES TORRES DANIELA IGNACIA
MUNDACA VERGARA MARIA ALBERTINA
MUÑOZ ALARCON PAULO JAVIER
ORREGO MESTRE LUIS OSCAR
OSTRIA GALLARDO ENRIQUE IGNACIO
MESA: 95
PINO SILVA SOLANGE IGNACIA
PRADENAS BOLON SARAH JOHANNA
PRIETO ESCOBAR ELIZABETH
SEPULVEDA BORGES LUIS FRANCISCO
SUAZO SANHUEZA SHELLY ALEJANDRA
TOLEDO TOLEDO BENJAMIN CRISTOBAL
MESA: 96
SILVA CARO JAVIER ALEJANDRO
SILVA RODRIGUEZ GLORIA OLGA
TAPIA MENDEZ PAULINA IGNACIA
VALDEBENITO SANTOS PAOLA FRANCISCA
VILLARREAL DOMINGUEZ PAULINA EUGENIA
COMUNA: SAN PEDRO DE LA PAZ
CIRCUNSCRIPCIÓN: SAN PEDRO DE LA PAZ
MESAS: 97 A LA 103
LOCAL: ESCUELA BASICA BOCA BIO BIO SUR
DIRECCIÓN: AVENIDA DANIEL BELMAR 980 BOCA SUR
DELEGADO: MIRIAM FIGUEROA PARRA
MESA: 97
AGUAYO ARRIAGADA DANIELA ALEJANDRA
AGUAYO BUSTOS JOSE ALEJANDRO
AGUAYO GARRIDO ARACELI
AGUAYO MONTERO MARCO ANTONIO
CARRASCO ARAVENA JEAN
MESA: 98
CHAVEZ FIERRO PABLO OCTAVIO
CHAVEZ ORELLANA PATRICIA DEL PILAR
CIFUENTES ALBORNOZ JONATHAN VICTOR
COLOMA PEREZ ARLYN DIANA
CONTRERAS TOLEDO SERGIO DAGOBERTO
